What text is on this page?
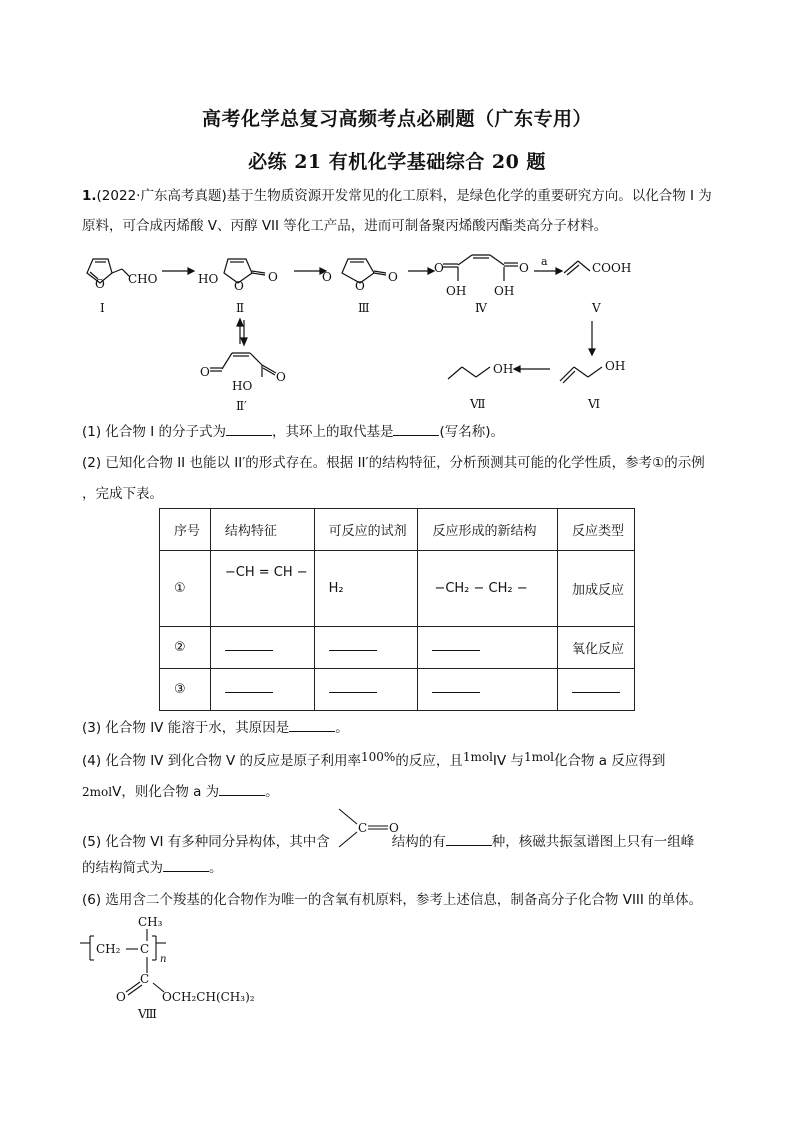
高考化学总复习高频考点必刷题（广东专用）
必练 21 有机化学基础综合 20 题
1.(2022·广东高考真题)基于生物质资源开发常见的化工原料，是绿色化学的重要研究方向。以化合物 I 为
原料，可合成丙烯酸 V、丙醇 VII 等化工产品，进而可制备聚丙烯酸丙酯类高分子材料。
O CHO	HO O
O	O
O
O
O	O
OH OH
a	COOH
I	Ⅱ	Ⅲ	Ⅳ	V
O	O
HO
Ⅱ′
OH
Ⅵ
OH
Ⅶ
(1) 化合物 I 的分子式为	，其环上的取代基是	(写名称)。
(2) 已知化合物 II 也能以 II′的形式存在。根据 II′的结构特征，分析预测其可能的化学性质，参考①的示例
，完成下表。
序号	结构特征	可反应的试剂	反应形成的新结构	反应类型
①	−CH = CH −	H₂	−CH₂ − CH₂ −	加成反应
②				氧化反应
③				
(3) 化合物 IV 能溶于水，其原因是	。
(4) 化合物 IV 到化合物 V 的反应是原子利用率100%的反应，且1molIV 与1mol化合物 a 反应得到
2molV，则化合物 a 为	。
(5) 化合物 VI 有多种同分异构体，其中含	结构的有	种，核磁共振氢谱图上只有一组峰
C O
的结构简式为	。
(6) 选用含二个羧基的化合物作为唯一的含氧有机原料，参考上述信息，制备高分子化合物 VIII 的单体。
CH₃
CH₂ C
n
C
O	OCH₂CH(CH₃)₂
Ⅷ
